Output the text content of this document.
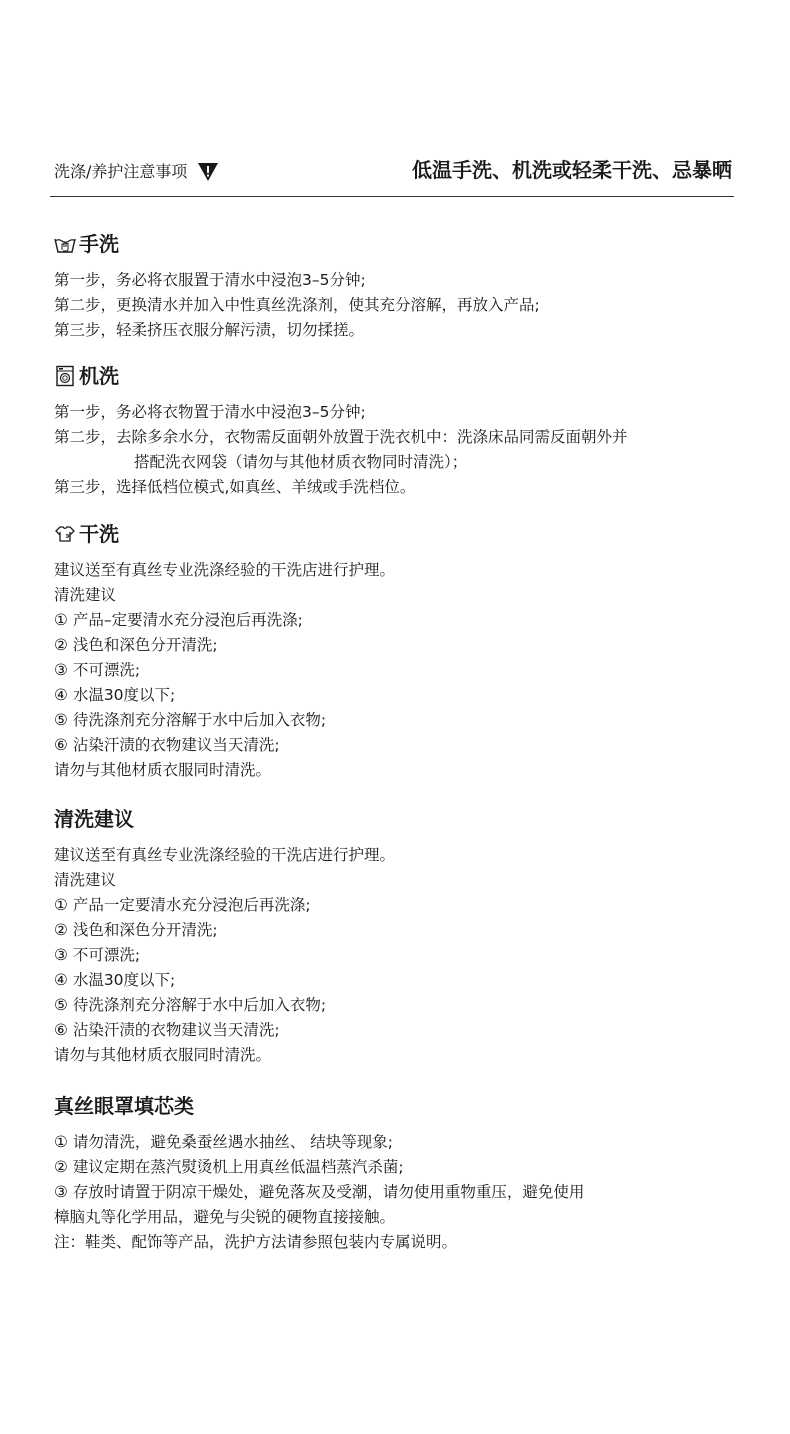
洗涤/养护注意事项	低温手洗、机洗或轻柔干洗、忌暴晒
手洗
第一步，务必将衣服置于清水中浸泡3–5分钟;
第二步，更换清水并加入中性真丝洗涤剂，使其充分溶解，再放入产品;
第三步，轻柔挤压衣服分解污渍，切勿揉搓。
机洗
第一步，务必将衣物置于清水中浸泡3–5分钟;
第二步，去除多余水分，衣物需反面朝外放置于洗衣机中：洗涤床品同需反面朝外并
搭配洗衣网袋（请勿与其他材质衣物同时清洗）；
第三步，选择低档位模式,如真丝、羊绒或手洗档位。
干洗
建议送至有真丝专业洗涤经验的干洗店进行护理。
清洗建议
① 产品–定要清水充分浸泡后再洗涤;
② 浅色和深色分开清洗;
③ 不可漂洗;
④ 水温30度以下;
⑤ 待洗涤剂充分溶解于水中后加入衣物;
⑥ 沾染汗渍的衣物建议当天清洗;
请勿与其他材质衣服同时清洗。
清洗建议
建议送至有真丝专业洗涤经验的干洗店进行护理。
清洗建议
① 产品一定要清水充分浸泡后再洗涤;
② 浅色和深色分开清洗;
③ 不可漂洗;
④ 水温30度以下;
⑤ 待洗涤剂充分溶解于水中后加入衣物;
⑥ 沾染汗渍的衣物建议当天清洗;
请勿与其他材质衣服同时清洗。
真丝眼罩填芯类
① 请勿清洗，避免桑蚕丝遇水抽丝、 结块等现象;
② 建议定期在蒸汽熨烫机上用真丝低温档蒸汽杀菌;
③ 存放时请置于阴凉干燥处，避免落灰及受潮，请勿使用重物重压，避免使用
樟脑丸等化学用品，避免与尖锐的硬物直接接触。
注：鞋类、配饰等产品，洗护方法请参照包装内专属说明。
